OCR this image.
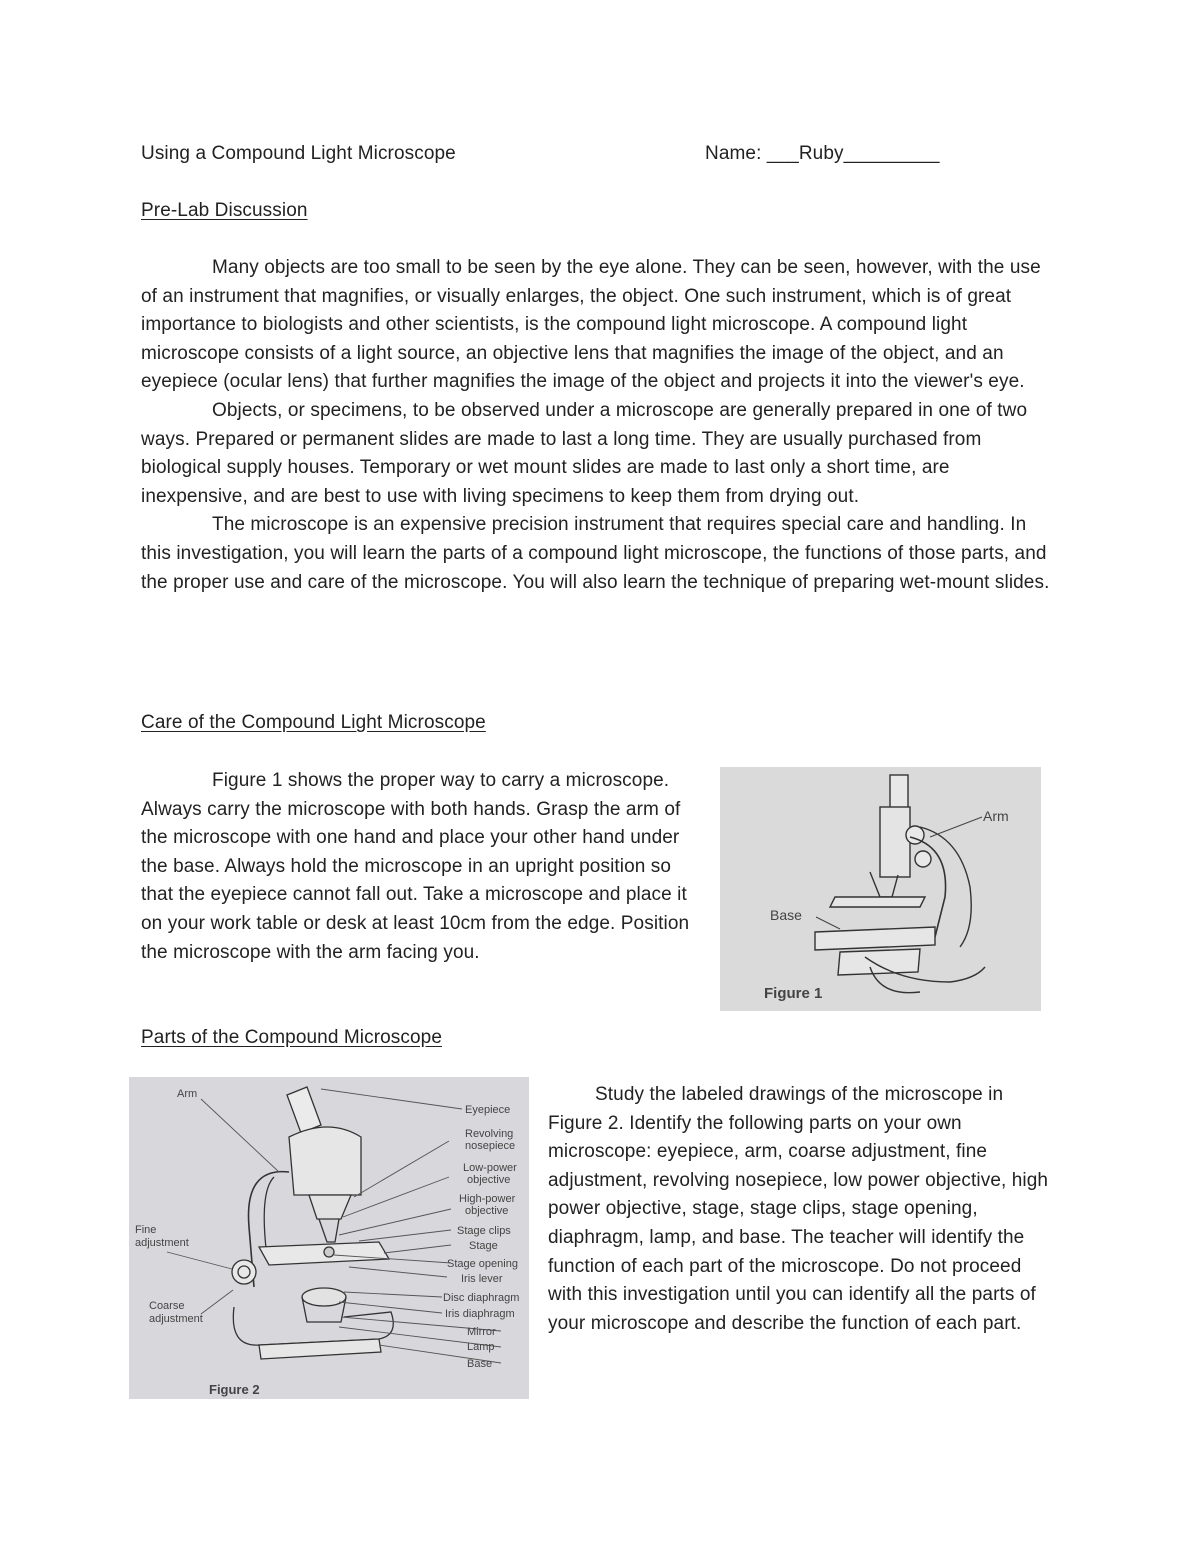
Using a Compound Light Microscope	Name: ___Ruby_________
Pre-Lab Discussion

Many objects are too small to be seen by the eye alone. They can be seen, however, with the use of an instrument that magnifies, or visually enlarges, the object. One such instrument, which is of great importance to biologists and other scientists, is the compound light microscope. A compound light microscope consists of a light source, an objective lens that magnifies the image of the object, and an eyepiece (ocular lens) that further magnifies the image of the object and projects it into the viewer's eye.

Objects, or specimens, to be observed under a microscope are generally prepared in one of two ways. Prepared or permanent slides are made to last a long time. They are usually purchased from biological supply houses. Temporary or wet mount slides are made to last only a short time, are inexpensive, and are best to use with living specimens to keep them from drying out.

The microscope is an expensive precision instrument that requires special care and handling. In this investigation, you will learn the parts of a compound light microscope, the functions of those parts, and the proper use and care of the microscope. You will also learn the technique of preparing wet-mount slides.

Care of the Compound Light Microscope

Figure 1 shows the proper way to carry a microscope. Always carry the microscope with both hands. Grasp the arm of the microscope with one hand and place your other hand under the base. Always hold the microscope in an upright position so that the eyepiece cannot fall out. Take a microscope and place it on your work table or desk at least 10cm from the edge. Position the microscope with the arm facing you.

Arm
Base
Figure 1
Parts of the Compound Microscope
Arm
Fine
adjustment
Coarse
adjustment
Eyepiece
Revolving
nosepiece
Low-power
objective
High-power
objective
Stage clips
Stage
Stage opening
Iris lever
Disc diaphragm
Iris diaphragm
Mirror
Lamp
Base
Figure 2

Study the labeled drawings of the microscope in Figure 2. Identify the following parts on your own microscope: eyepiece, arm, coarse adjustment, fine adjustment, revolving nosepiece, low power objective, high power objective, stage, stage clips, stage opening, diaphragm, lamp, and base. The teacher will identify the function of each part of the microscope. Do not proceed with this investigation until you can identify all the parts of your microscope and describe the function of each part.
